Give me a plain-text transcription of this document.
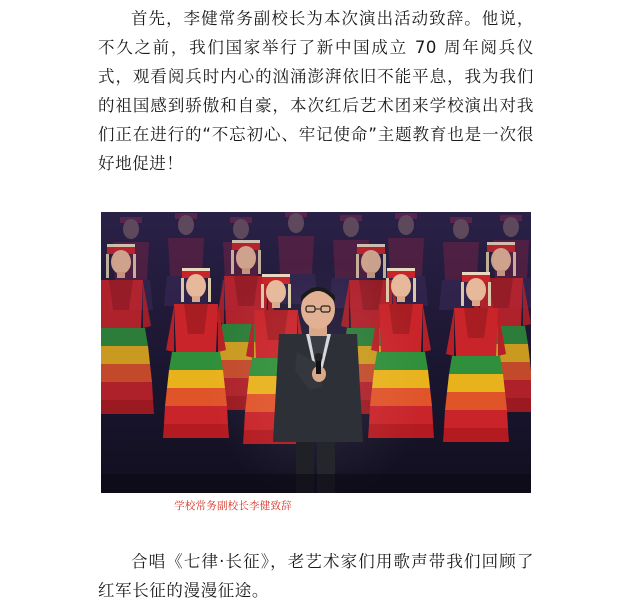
首先，李健常务副校长为本次演出活动致辞。他说，不久之前，我们国家举行了新中国成立 70 周年阅兵仪式，观看阅兵时内心的汹涌澎湃依旧不能平息，我为我们的祖国感到骄傲和自豪，本次红后艺术团来学校演出对我们正在进行的“不忘初心、牢记使命”主题教育也是一次很好地促进！

学校常务副校长李健致辞

合唱《七律·长征》，老艺术家们用歌声带我们回顾了红军长征的漫漫征途。
